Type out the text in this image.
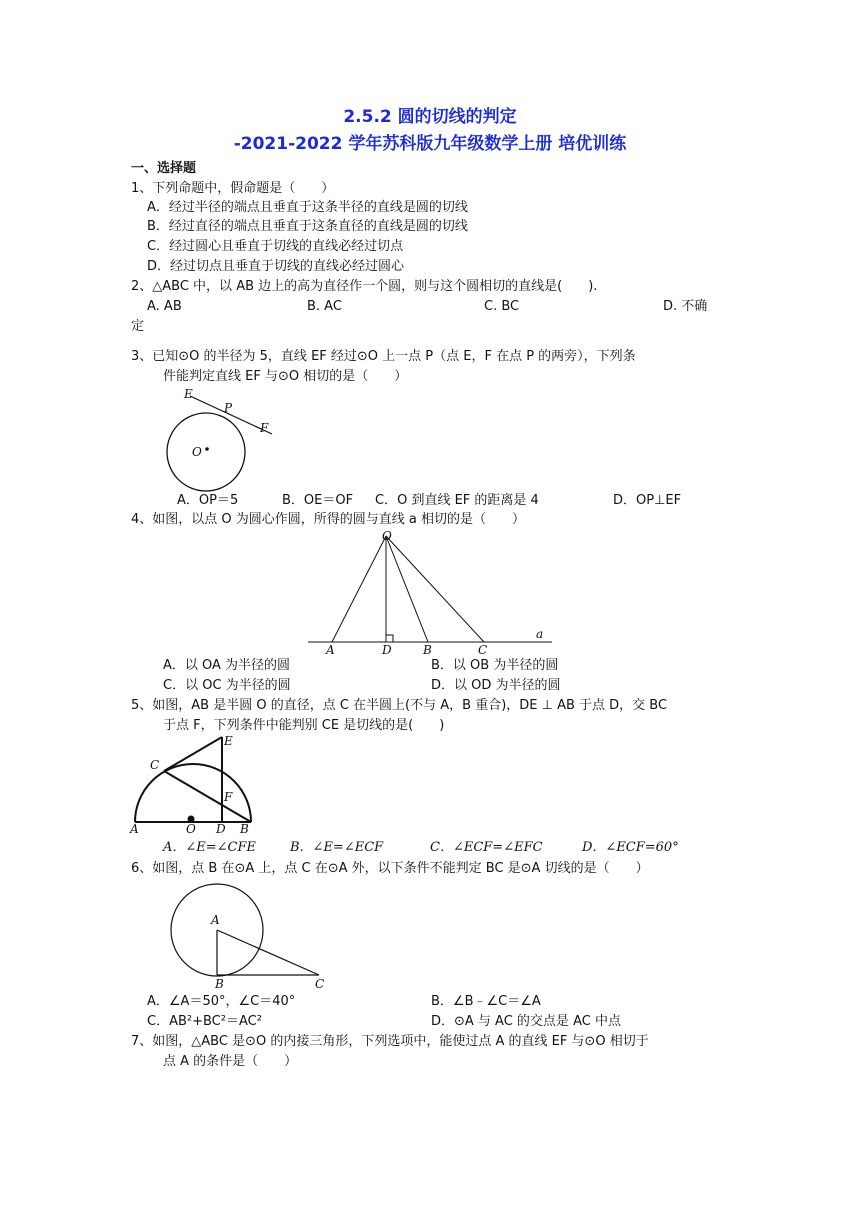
2.5.2 圆的切线的判定
-2021-2022 学年苏科版九年级数学上册 培优训练
一、选择题
1、下列命题中，假命题是（　　）
A．经过半径的端点且垂直于这条半径的直线是圆的切线
B．经过直径的端点且垂直于这条直径的直线是圆的切线
C．经过圆心且垂直于切线的直线必经过切点
D．经过切点且垂直于切线的直线必经过圆心
2、△ABC 中，以 AB 边上的高为直径作一个圆，则与这个圆相切的直线是(　　).
A. AB	B. AC	C. BC	D. 不确
定
3、已知⊙O 的半径为 5，直线 EF 经过⊙O 上一点 P（点 E，F 在点 P 的两旁），下列条
件能判定直线 EF 与⊙O 相切的是（　　）
E
P
F
O
A．OP＝5	B．OE＝OF C．O 到直线 EF 的距离是 4	D．OP⊥EF
4、如图，以点 O 为圆心作圆，所得的圆与直线 a 相切的是（　　）
O
A	D	B	C
a
A．以 OA 为半径的圆	B．以 OB 为半径的圆
C．以 OC 为半径的圆	D．以 OD 为半径的圆
5、如图，AB 是半圆 O 的直径，点 C 在半圆上(不与 A，B 重合)，DE ⊥ AB 于点 D，交 BC
于点 F，下列条件中能判别 CE 是切线的是(　　)
E
C
F
A	O D B
A．∠E=∠CFE	B．∠E=∠ECF	C．∠ECF=∠EFC	D．∠ECF=60°
6、如图，点 B 在⊙A 上，点 C 在⊙A 外，以下条件不能判定 BC 是⊙A 切线的是（　　）
A
B	C
A．∠A＝50°，∠C＝40°	B．∠B﹣∠C＝∠A
C．AB²+BC²＝AC²	D．⊙A 与 AC 的交点是 AC 中点
7、如图，△ABC 是⊙O 的内接三角形，下列选项中，能使过点 A 的直线 EF 与⊙O 相切于
点 A 的条件是（　　）
